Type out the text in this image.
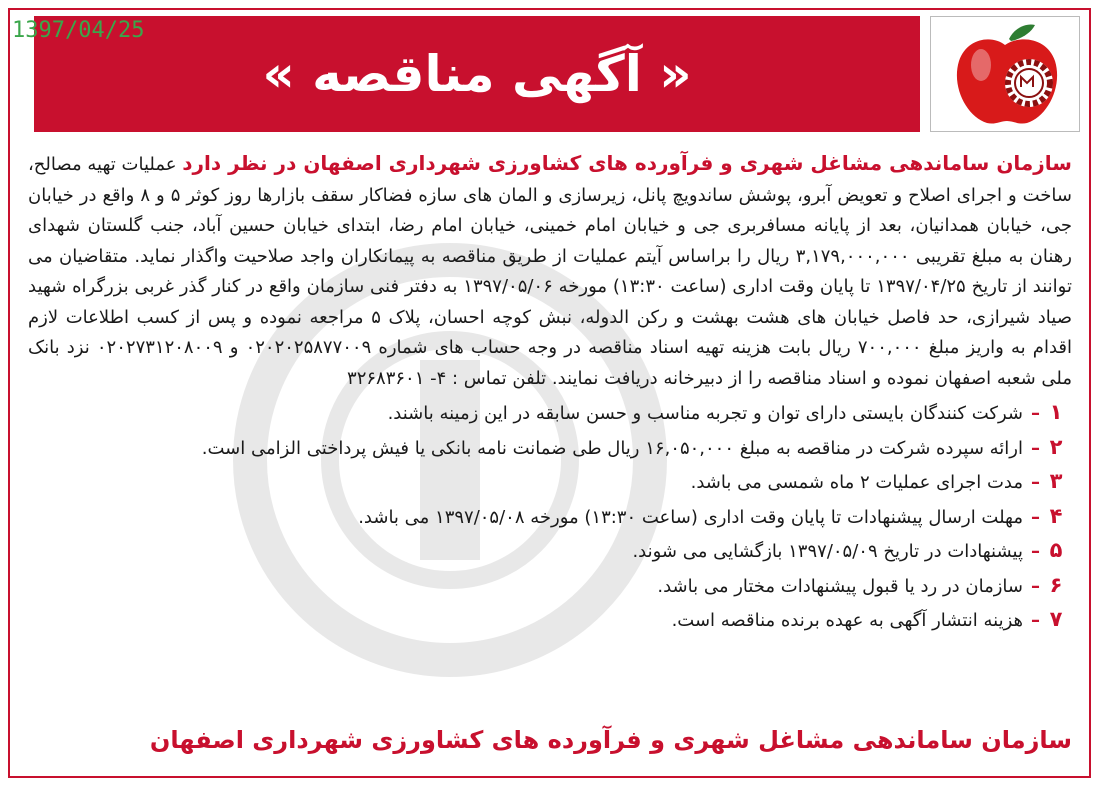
1397/04/25
« آگهی مناقصه »

سازمان ساماندهی مشاغل شهری و فرآورده های کشاورزی شهرداری اصفهان در نظر دارد عملیات تهیه مصالح، ساخت و اجرای اصلاح و تعویض آبرو، پوشش ساندویچ پانل، زیرسازی و المان های سازه فضاکار سقف بازارها روز کوثر ۵ و ۸ واقع در خیابان جی، خیابان همدانیان، بعد از پایانه مسافربری جی و خیابان امام خمینی، خیابان امام رضا، ابتدای خیابان حسین آباد، جنب گلستان شهدای رهنان به مبلغ تقریبی ۳,۱۷۹,۰۰۰,۰۰۰ ریال را براساس آیتم عملیات از طریق مناقصه به پیمانکاران واجد صلاحیت واگذار نماید. متقاضیان می توانند از تاریخ ۱۳۹۷/۰۴/۲۵ تا پایان وقت اداری (ساعت ۱۳:۳۰) مورخه ۱۳۹۷/۰۵/۰۶ به دفتر فنی سازمان واقع در کنار گذر غربی بزرگراه شهید صیاد شیرازی، حد فاصل خیابان های هشت بهشت و رکن الدوله، نبش کوچه احسان، پلاک ۵ مراجعه نموده و پس از کسب اطلاعات لازم اقدام به واریز مبلغ ۷۰۰,۰۰۰ ریال بابت هزینه تهیه اسناد مناقصه در وجه حساب های شماره ۰۲۰۲۰۲۵۸۷۷۰۰۹ و ۰۲۰۲۷۳۱۲۰۸۰۰۹ نزد بانک ملی شعبه اصفهان نموده و اسناد مناقصه را از دبیرخانه دریافت نمایند. تلفن تماس : ۴- ۳۲۶۸۳۶۰۱

۱
–
شرکت کنندگان بایستی دارای توان و تجربه مناسب و حسن سابقه در این زمینه باشند.
۲
–
ارائه سپرده شرکت در مناقصه به مبلغ ۱۶,۰۵۰,۰۰۰ ریال طی ضمانت نامه بانکی یا فیش پرداختی الزامی است.
۳
–
مدت اجرای عملیات ۲ ماه شمسی می باشد.
۴
–
مهلت ارسال پیشنهادات تا پایان وقت اداری (ساعت ۱۳:۳۰) مورخه ۱۳۹۷/۰۵/۰۸ می باشد.
۵
–
پیشنهادات در تاریخ ۱۳۹۷/۰۵/۰۹ بازگشایی می شوند.
۶
–
سازمان در رد یا قبول پیشنهادات مختار می باشد.
۷
–
هزینه انتشار آگهی به عهده برنده مناقصه است.
سازمان ساماندهی مشاغل شهری و فرآورده های کشاورزی شهرداری اصفهان
